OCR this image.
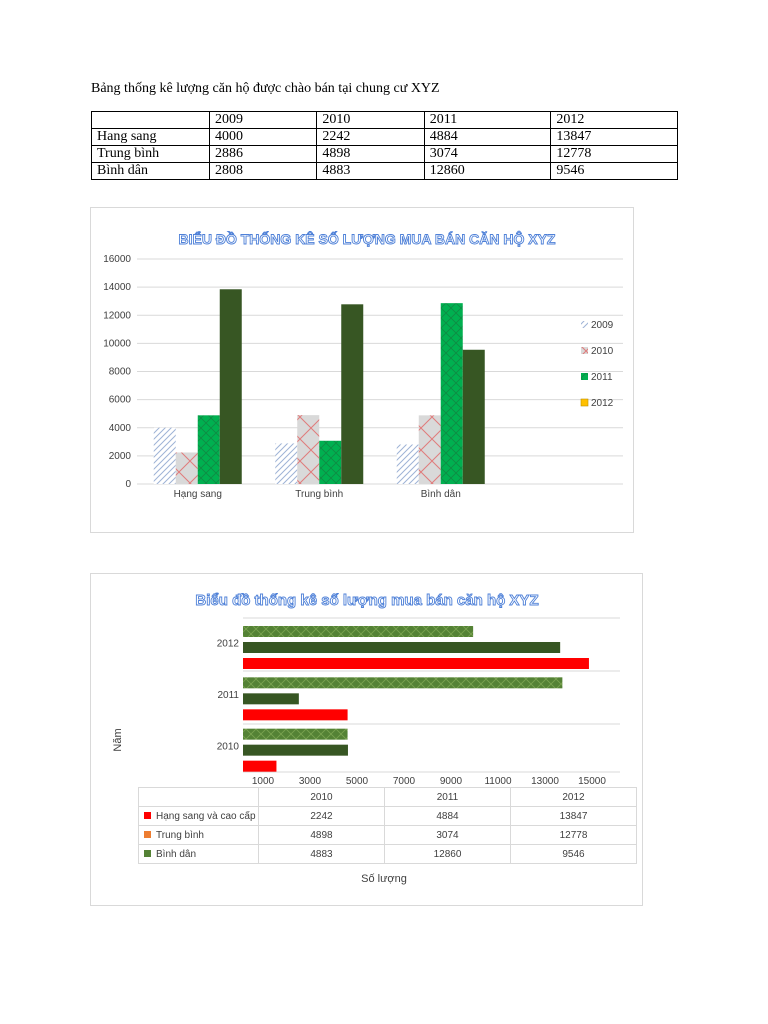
Bảng thống kê lượng căn hộ được chào bán tại chung cư XYZ
	2009	2010	2011	2012
Hang sang	4000	2242	4884	13847
Trung bình	2886	4898	3074	12778
Bình dân	2808	4883	12860	9546
BIỂU ĐỒ THỐNG KÊ SỐ LƯỢNG MUA BÁN CĂN HỘ XYZ
0
2000
4000
6000
8000
10000
12000
14000
16000
Hạng sang	Trung bình	Bình dân
2009
2010
2011
2012
Biểu đồ thống kê số lượng mua bán căn hộ XYZ
2010
2011
2012
1000 3000 5000 7000 9000 11000 13000 15000
Năm
Số lượng
	2010	2011	2012
Hạng sang và cao cấp	2242	4884	13847
Trung bình	4898	3074	12778
Bình dân	4883	12860	9546
